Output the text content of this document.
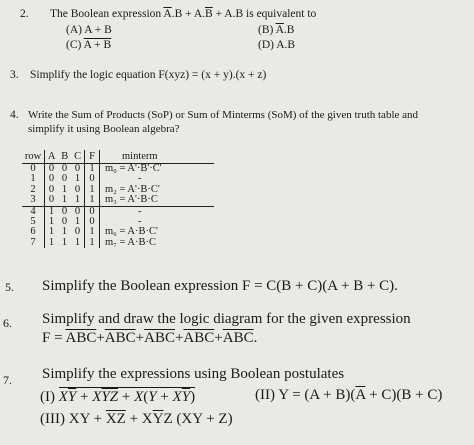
2. The Boolean expression $\overline{A}.B + A.\overline{B} + A.B$ is equivalent to
(A) A + B	(B) $\overline{A}.B$
(C) A + B	(D) A.B
3. Simplify the logic equation F(xyz) = (x + y).(x + z)
4. Write the Sum of Products (SoP) or Sum of Minterms (SoM) of the given truth table and
simplify it using Boolean algebra?
row A B C F	minterm
0	0 0 0 1 m₀ = A'·B'·C'
1	0 0 1 0	-
2	0 1 0 1 m₂ = A'·B·C'
3	0 1 1 1 m₃ = A'·B·C
4	1 0 0 0	-
5	1 0 1 0	-
6	1 1 0 1 m₆ = A·B·C'
7	1 1 1 1 m₇ = A·B·C
5. Simplify the Boolean expression F = C(B + C)(A + B + C).
6. Simplify and draw the logic diagram for the given expression
$F = \overline{ABC}+\overline{ABC}+\overline{ABC}+\overline{ABC}+\overline{ABC}$.
7. Simplify the expressions using Boolean postulates
(I) $X\overline{Y} + X\overline{YZ} + X(Y + X\overline{Y})$	(II) $Y = (A + B)(\overline{A} + C)(B + C)$
(III) XY + $\overline{XZ} + X\overline{Y}Z$ (XY + Z)
